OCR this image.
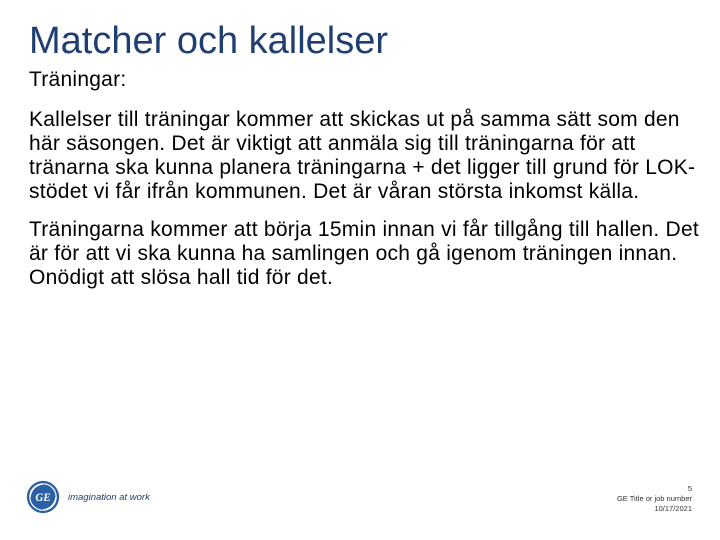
Matcher och kallelser

Träningar:

Kallelser till träningar kommer att skickas ut på samma sätt som den här säsongen. Det är viktigt att anmäla sig till träningarna för att tränarna ska kunna planera träningarna + det ligger till grund för LOK-stödet vi får ifrån kommunen. Det är våran största inkomst källa.

Träningarna kommer att börja 15min innan vi får tillgång till hallen. Det är för att vi ska kunna ha samlingen och gå igenom träningen innan. Onödigt att slösa hall tid för det.

GE imagination at work
5
GE Title or job number
10/17/2021
